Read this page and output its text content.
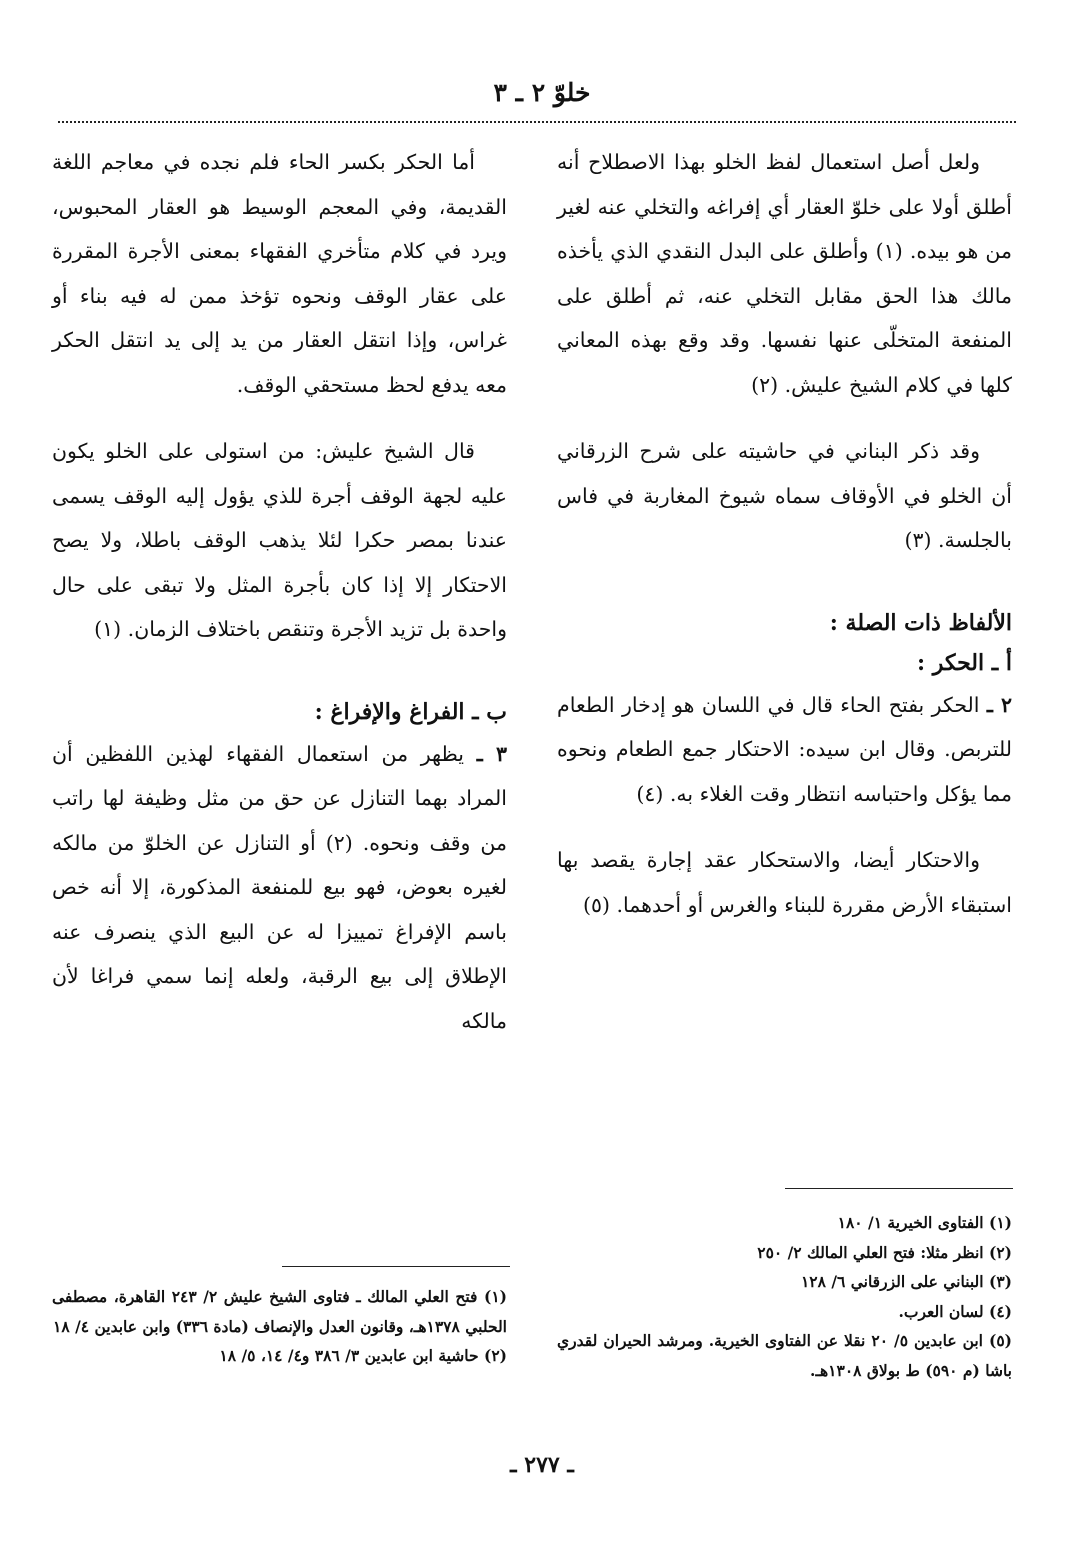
خلوّ ٢ ـ ٣

ولعل أصل استعمال لفظ الخلو بهذا الاصطلاح أنه أطلق أولا على خلوّ العقار أي إفراغه والتخلي عنه لغير من هو بيده. (١) وأطلق على البدل النقدي الذي يأخذه مالك هذا الحق مقابل التخلي عنه، ثم أطلق على المنفعة المتخلّى عنها نفسها. وقد وقع بهذه المعاني كلها في كلام الشيخ عليش. (٢)

وقد ذكر البناني في حاشيته على شرح الزرقاني أن الخلو في الأوقاف سماه شيوخ المغاربة في فاس بالجلسة. (٣)

الألفاظ ذات الصلة :
أ ـ الحكر :

٢ ـ الحكر بفتح الحاء قال في اللسان هو إدخار الطعام للتربص. وقال ابن سيده: الاحتكار جمع الطعام ونحوه مما يؤكل واحتباسه انتظار وقت الغلاء به. (٤)

والاحتكار أيضا، والاستحكار عقد إجارة يقصد بها استبقاء الأرض مقررة للبناء والغرس أو أحدهما. (٥)

أما الحكر بكسر الحاء فلم نجده في معاجم اللغة القديمة، وفي المعجم الوسيط هو العقار المحبوس، ويرد في كلام متأخري الفقهاء بمعنى الأجرة المقررة على عقار الوقف ونحوه تؤخذ ممن له فيه بناء أو غراس، وإذا انتقل العقار من يد إلى يد انتقل الحكر معه يدفع لحظ مستحقي الوقف.

قال الشيخ عليش: من استولى على الخلو يكون عليه لجهة الوقف أجرة للذي يؤول إليه الوقف يسمى عندنا بمصر حكرا لئلا يذهب الوقف باطلا، ولا يصح الاحتكار إلا إذا كان بأجرة المثل ولا تبقى على حال واحدة بل تزيد الأجرة وتنقص باختلاف الزمان. (١)

ب ـ الفراغ والإفراغ :

٣ ـ يظهر من استعمال الفقهاء لهذين اللفظين أن المراد بهما التنازل عن حق من مثل وظيفة لها راتب من وقف ونحوه. (٢) أو التنازل عن الخلوّ من مالكه لغيره بعوض، فهو بيع للمنفعة المذكورة، إلا أنه خص باسم الإفراغ تمييزا له عن البيع الذي ينصرف عنه الإطلاق إلى بيع الرقبة، ولعله إنما سمي فراغا لأن مالكه

(١) الفتاوى الخيرية ١/ ١٨٠
(٢) انظر مثلا: فتح العلي المالك ٢/ ٢٥٠
(٣) البناني على الزرقاني ٦/ ١٢٨
(٤) لسان العرب.
(٥) ابن عابدين ٥/ ٢٠ نقلا عن الفتاوى الخيرية. ومرشد الحيران لقدري باشا (م ٥٩٠) ط بولاق ١٣٠٨هـ.
(١) فتح العلي المالك ـ فتاوى الشيخ عليش ٢/ ٢٤٣ القاهرة، مصطفى الحلبي ١٣٧٨هـ، وقانون العدل والإنصاف (مادة ٣٣٦) وابن عابدين ٤/ ١٨
(٢) حاشية ابن عابدين ٣/ ٣٨٦ و٤/ ١٤، ٥/ ١٨
ـ ٢٧٧ ـ
